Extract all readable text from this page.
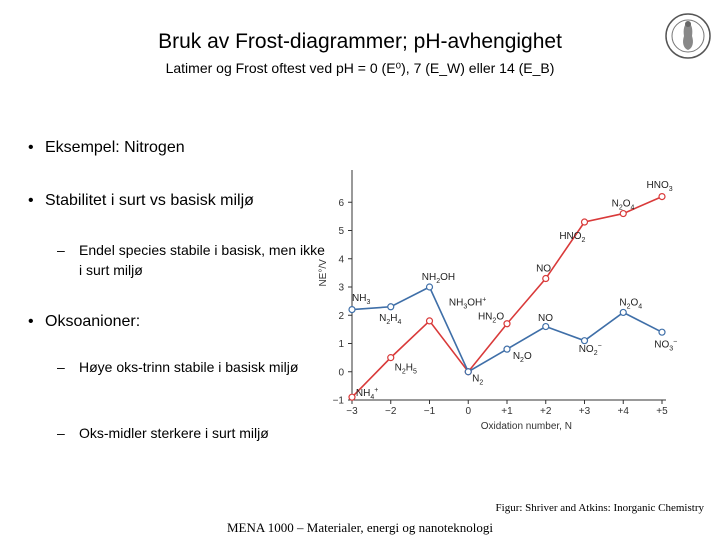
Bruk av Frost-diagrammer; pH-avhengighet
Latimer og Frost oftest ved pH = 0 (E⁰), 7 (E_W) eller 14 (E_B)
• Eksempel: Nitrogen
• Stabilitet i surt vs basisk miljø
– Endel species stabile i basisk, men ikke i surt miljø
• Oksoanioner:
– Høye oks-trinn stabile i basisk miljø
– Oks-midler sterkere i surt miljø
−3	−2	−1	0	+1	+2	+3	+4	+5
−1
0
1
2
3
4
5
6
Oxidation number, N
NE°/V
$NH_4^+$
$N_2H_5$
$NH_3$
$N_2H_4$
$NH_2OH$
$NH_3OH^+$
$N_2$
$HN_2O$
$N_2O$
NO
NO
$HNO_2$
$NO_2^-$
$N_2O_4$
$N_2O_4$
$HNO_3$
$NO_3^-$
Figur: Shriver and Atkins: Inorganic Chemistry
MENA 1000 – Materialer, energi og nanoteknologi
